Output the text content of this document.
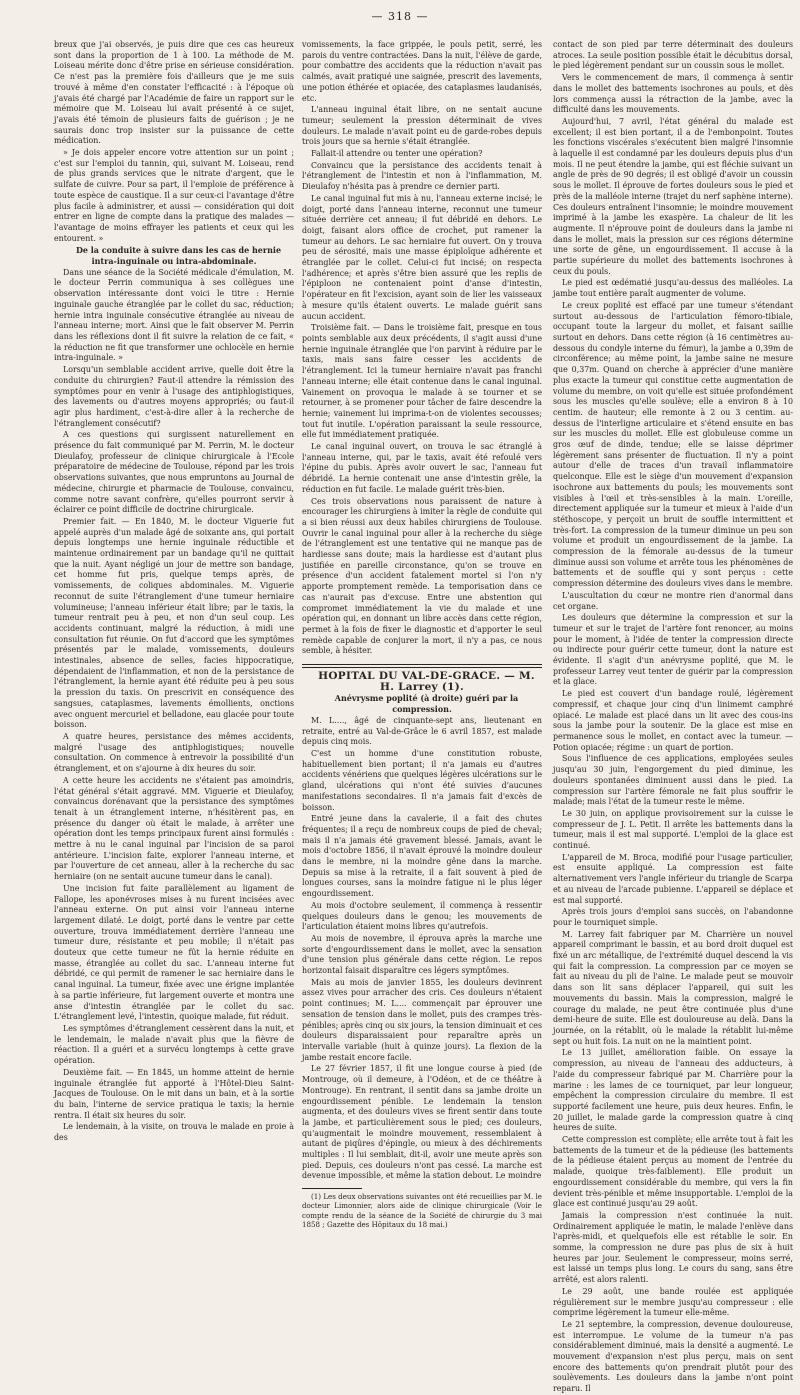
— 318 —

breux que j'ai observés, je puis dire que ces cas heureux sont dans la proportion de 1 à 100. La méthode de M. Loiseau mérite donc d'être prise en sérieuse considération. Ce n'est pas la première fois d'ailleurs que je me suis trouvé à même d'en constater l'efficacité : à l'époque où j'avais été chargé par l'Académie de faire un rapport sur le mémoire que M. Loiseau lui avait présenté à ce sujet, j'avais été témoin de plusieurs faits de guérison ; je ne saurais donc trop insister sur la puissance de cette médication.

» Je dois appeler encore votre attention sur un point ; c'est sur l'emploi du tannin, qui, suivant M. Loiseau, rend de plus grands services que le nitrate d'argent, que le sulfate de cuivre. Pour sa part, il l'emploie de préférence à toute espèce de caustique. Il a sur ceux-ci l'avantage d'être plus facile à administrer, et aussi — considération qui doit entrer en ligne de compte dans la pratique des malades — l'avantage de moins effrayer les patients et ceux qui les entourent. »

De la conduite à suivre dans les cas de hernie intra-inguinale ou intra-abdominale.

Dans une séance de la Société médicale d'émulation, M. le docteur Perrin communiqua à ses collègues une observation intéressante dont voici le titre : Hernie inguinale gauche étranglée par le collet du sac, réduction; hernie intra inguinale consécutive étranglée au niveau de l'anneau interne; mort. Ainsi que le fait observer M. Perrin dans les réflexions dont il fit suivre la relation de ce fait, « la réduction ne fit que transformer une ochlocèle en hernie intra-inguinale. »

Lorsqu'un semblable accident arrive, quelle doit être la conduite du chirurgien? Faut-il attendre la rémission des symptômes pour en venir à l'usage des antiphlogistiques, des lavements ou d'autres moyens appropriés; ou faut-il agir plus hardiment, c'est-à-dire aller à la recherche de l'étranglement consécutif?

A ces questions qui surgissent naturellement en présence du fait communiqué par M. Perrin, M. le docteur Dieulafoy, professeur de clinique chirurgicale à l'Ecole préparatoire de médecine de Toulouse, répond par les trois observations suivantes, que nous empruntons au Journal de médecine, chirurgie et pharmacie de Toulouse, convaincu, comme notre savant confrère, qu'elles pourront servir à éclairer ce point difficile de doctrine chirurgicale.

Premier fait. — En 1840, M. le docteur Viguerie fut appelé auprès d'un malade âgé de soixante ans, qui portait depuis longtemps une hernie inguinale réductible et maintenue ordinairement par un bandage qu'il ne quittait que la nuit. Ayant négligé un jour de mettre son bandage, cet homme fut pris, quelque temps après, de vomissements, de coliques abdominales. M. Viguerie reconnut de suite l'étranglement d'une tumeur herniaire volumineuse; l'anneau inférieur était libre; par le taxis, la tumeur rentrait peu à peu, et non d'un seul coup. Les accidents continuant, malgré la réduction, à midi une consultation fut réunie. On fut d'accord que les symptômes présentés par le malade, vomissements, douleurs intestinales, absence de selles, facies hippocratique, dépendaient de l'inflammation, et non de la persistance de l'étranglement, la hernie ayant été réduite peu à peu sous la pression du taxis. On prescrivit en conséquence des sangsues, cataplasmes, lavements émollients, onctions avec onguent mercuriel et belladone, eau glacée pour toute boisson.

A quatre heures, persistance des mêmes accidents, malgré l'usage des antiphlogistiques; nouvelle consultation. On commence à entrevoir la possibilité d'un étranglement, et on s'ajourne à dix heures du soir.

A cette heure les accidents ne s'étaient pas amoindris, l'état général s'était aggravé. MM. Viguerie et Dieulafoy, convaincus dorénavant que la persistance des symptômes tenait à un étranglement interne, n'hésitèrent pas, en présence du danger où était le malade, à arrêter une opération dont les temps principaux furent ainsi formulés : mettre à nu le canal inguinal par l'incision de sa paroi antérieure. L'incision faite, explorer l'anneau interne, et par l'ouverture de cet anneau, aller à la recherche du sac herniaire (on ne sentait aucune tumeur dans le canal).

Une incision fut faite parallèlement au ligament de Fallope, les aponévroses mises à nu furent incisées avec l'anneau externe. On put ainsi voir l'anneau interne largement dilaté. Le doigt, porté dans le ventre par cette ouverture, trouva immédiatement derrière l'anneau une tumeur dure, résistante et peu mobile; il n'était pas douteux que cette tumeur ne fût la hernie réduite en masse, étranglée au collet du sac. L'anneau interne fut débridé, ce qui permit de ramener le sac herniaire dans le canal inguinal. La tumeur, fixée avec une érigne implantée à sa partie inférieure, fut largement ouverte et montra une anse d'intestin étranglée par le collet du sac. L'étranglement levé, l'intestin, quoique malade, fut réduit.

Les symptômes d'étranglement cessèrent dans la nuit, et le lendemain, le malade n'avait plus que la fièvre de réaction. Il a guéri et a survécu longtemps à cette grave opération.

Deuxième fait. — En 1845, un homme atteint de hernie inguinale étranglée fut apporté à l'Hôtel-Dieu Saint-Jacques de Toulouse. On le mit dans un bain, et à la sortie du bain, l'interne de service pratiqua le taxis; la hernie rentra. Il était six heures du soir.

Le lendemain, à la visite, on trouva le malade en proie à des

vomissements, la face grippée, le pouls petit, serré, les parois du ventre contractées. Dans la nuit, l'élève de garde, pour combattre des accidents que la réduction n'avait pas calmés, avait pratiqué une saignée, prescrit des lavements, une potion éthérée et opiacée, des cataplasmes laudanisés, etc.

L'anneau inguinal était libre, on ne sentait aucune tumeur; seulement la pression déterminait de vives douleurs. Le malade n'avait point eu de garde-robes depuis trois jours que sa hernie s'était étranglée.

Fallait-il attendre ou tenter une opération?

Convaincu que la persistance des accidents tenait à l'étranglement de l'intestin et non à l'inflammation, M. Dieulafoy n'hésita pas à prendre ce dernier parti.

Le canal inguinal fut mis à nu, l'anneau externe incisé; le doigt, porté dans l'anneau interne, reconnut une tumeur située derrière cet anneau; il fut débridé en dehors. Le doigt, faisant alors office de crochet, put ramener la tumeur au dehors. Le sac herniaire fut ouvert. On y trouva peu de sérosité, mais une masse épiploïque adhérente et étranglée par le collet. Celui-ci fut incisé; on respecta l'adhérence; et après s'être bien assuré que les replis de l'épiploon ne contenaient point d'anse d'intestin, l'opérateur en fit l'excision, ayant soin de lier les vaisseaux à mesure qu'ils étaient ouverts. Le malade guérit sans aucun accident.

Troisième fait. — Dans le troisième fait, presque en tous points semblable aux deux précédents, il s'agit aussi d'une hernie inguinale étranglée que l'on parvint à réduire par le taxis, mais sans faire cesser les accidents de l'étranglement. Ici la tumeur herniaire n'avait pas franchi l'anneau interne; elle était contenue dans le canal inguinal. Vainement on provoqua le malade à se tourner et se retourner, à se promener pour tâcher de faire descendre la hernie; vainement lui imprima-t-on de violentes secousses; tout fut inutile. L'opération paraissant la seule ressource, elle fut immédiatement pratiquée.

Le canal inguinal ouvert, on trouva le sac étranglé à l'anneau interne, qui, par le taxis, avait été refoulé vers l'épine du pubis. Après avoir ouvert le sac, l'anneau fut débridé. La hernie contenait une anse d'intestin grêle, la réduction en fut facile. Le malade guérit très-bien.

Ces trois observations nous paraissent de nature à encourager les chirurgiens à imiter la règle de conduite qui a si bien réussi aux deux habiles chirurgiens de Toulouse. Ouvrir le canal inguinal pour aller à la recherche du siège de l'étranglement est une tentative qui ne manque pas de hardiesse sans doute; mais la hardiesse est d'autant plus justifiée en pareille circonstance, qu'on se trouve en présence d'un accident fatalement mortel si l'on n'y apporte promptement remède. La temporisation dans ce cas n'aurait pas d'excuse. Entre une abstention qui compromet immédiatement la vie du malade et une opération qui, en donnant un libre accès dans cette région, permet à la fois de fixer le diagnostic et d'apporter le seul remède capable de conjurer la mort, il n'y a pas, ce nous semble, à hésiter.

HOPITAL DU VAL-DE-GRACE. — M. H. Larrey (1).

Anévrysme poplité (à droite) guéri par la compression.

M. L...., âgé de cinquante-sept ans, lieutenant en retraite, entré au Val-de-Grâce le 6 avril 1857, est malade depuis cinq mois.

C'est un homme d'une constitution robuste, habituellement bien portant; il n'a jamais eu d'autres accidents vénériens que quelques légères ulcérations sur le gland, ulcérations qui n'ont été suivies d'aucunes manifestations secondaires. Il n'a jamais fait d'excès de boisson.

Entré jeune dans la cavalerie, il a fait des chutes fréquentes; il a reçu de nombreux coups de pied de cheval; mais il n'a jamais été gravement blessé. Jamais, avant le mois d'octobre 1856, il n'avait éprouvé la moindre douleur dans le membre, ni la moindre gêne dans la marche. Depuis sa mise à la retraite, il a fait souvent à pied de longues courses, sans la moindre fatigue ni le plus léger engourdissement.

Au mois d'octobre seulement, il commença à ressentir quelques douleurs dans le genou; les mouvements de l'articulation étaient moins libres qu'autrefois.

Au mois de novembre, il éprouva après la marche une sorte d'engourdissement dans le mollet, avec la sensation d'une tension plus générale dans cette région. Le repos horizontal faisait disparaître ces légers symptômes.

Mais au mois de janvier 1855, les douleurs devinrent assez vives pour arracher des cris. Ces douleurs n'étaient point continues; M. L.... commençait par éprouver une sensation de tension dans le mollet, puis des crampes très-pénibles; après cinq ou six jours, la tension diminuait et ces douleurs disparaissaient pour reparaître après un intervalle variable (huit à quinze jours). La flexion de la jambe restait encore facile.

Le 27 février 1857, il fit une longue course à pied (de Montrouge, où il demeure, à l'Odéon, et de ce théâtre à Montrouge). En rentrant, il sentit dans sa jambe droite un engourdissement pénible. Le lendemain la tension augmenta, et des douleurs vives se firent sentir dans toute la jambe, et particulièrement sous le pied; ces douleurs, qu'augmentait le moindre mouvement, ressemblaient à autant de piqûres d'épingle, ou mieux à des déchirements multiples : Il lui semblait, dit-il, avoir une meute après son pied. Depuis, ces douleurs n'ont pas cessé. La marche est devenue impossible, et même la station debout. Le moindre

(1) Les deux observations suivantes ont été recueillies par M. le docteur Limonnier, alors aide de clinique chirurgicale (Voir le compte rendu de la séance de la Société de chirurgie du 3 mai 1858 ; Gazette des Hôpitaux du 18 mai.)

contact de son pied par terre déterminait des douleurs atroces. La seule position possible était le décubitus dorsal, le pied légèrement pendant sur un coussin sous le mollet.

Vers le commencement de mars, il commença à sentir dans le mollet des battements isochrones au pouls, et dès lors commença aussi la rétraction de la jambe, avec la difficulté dans les mouvements.

Aujourd'hui, 7 avril, l'état général du malade est excellent; il est bien portant, il a de l'embonpoint. Toutes les fonctions viscérales s'exécutent bien malgré l'insomnie à laquelle il est condamné par les douleurs depuis plus d'un mois. Il ne peut étendre la jambe, qui est fléchie suivant un angle de près de 90 degrés; il est obligé d'avoir un coussin sous le mollet. Il éprouve de fortes douleurs sous le pied et près de la malléole interne (trajet du nerf saphène interne). Ces douleurs entraînent l'insomnie; le moindre mouvement imprimé à la jambe les exaspère. La chaleur de lit les augmente. Il n'éprouve point de douleurs dans la jambe ni dans le mollet, mais la pression sur ces régions détermine une sorte de gêne, un engourdissement. Il accuse à la partie supérieure du mollet des battements isochrones à ceux du pouls.

Le pied est œdématié jusqu'au-dessus des malléoles. La jambe tout entière paraît augmenter de volume.

Le creux poplité est effacé par une tumeur s'étendant surtout au-dessous de l'articulation fémoro-tibiale, occupant toute la largeur du mollet, et faisant saillie surtout en dehors. Dans cette région (à 16 centimètres au-dessous du condyle interne du fémur), la jambe a 0,39m de circonférence; au même point, la jambe saine ne mesure que 0,37m. Quand on cherche à apprécier d'une manière plus exacte la tumeur qui constitue cette augmentation de volume du membre, on voit qu'elle est située profondément sous les muscles qu'elle soulève; elle a environ 8 à 10 centim. de hauteur; elle remonte à 2 ou 3 centim. au-dessus de l'interligne articulaire et s'étend ensuite en bas sur les muscles du mollet. Elle est globuleuse comme un gros œuf de dinde, tendue; elle se laisse déprimer légèrement sans présenter de fluctuation. Il n'y a point autour d'elle de traces d'un travail inflammatoire quelconque. Elle est le siège d'un mouvement d'expansion isochrone aux battements du pouls; les mouvements sont visibles à l'œil et très-sensibles à la main. L'oreille, directement appliquée sur la tumeur et mieux à l'aide d'un stéthoscope, y perçoit un bruit de souffle intermittent et très-fort. La compression de la tumeur diminue un peu son volume et produit un engourdissement de la jambe. La compression de la fémorale au-dessus de la tumeur diminue aussi son volume et arrête tous les phénomènes de battements et de souffle qui y sont perçus : cette compression détermine des douleurs vives dans le membre.

L'auscultation du cœur ne montre rien d'anormal dans cet organe.

Les douleurs que détermine la compression et sur la tumeur et sur le trajet de l'artère font renoncer, au moins pour le moment, à l'idée de tenter la compression directe ou indirecte pour guérir cette tumeur, dont la nature est évidente. Il s'agit d'un anévrysme poplité, que M. le professeur Larrey veut tenter de guérir par la compression et la glace.

Le pied est couvert d'un bandage roulé, légèrement compressif, et chaque jour cinq d'un linimemt camphré opiacé. Le malade est placé dans un lit avec des cous-ins sous la jambe pour la soutenir. De la glace est mise en permanence sous le mollet, en contact avec la tumeur. — Potion opiacée; régime : un quart de portion.

Sous l'influence de ces applications, employées seules jusqu'au 30 juin, l'engorgement du pied diminue, les douleurs spontanées diminuent aussi dans le pied. La compression sur l'artère fémorale ne fait plus souffrir le malade; mais l'état de la tumeur reste le même.

Le 30 juin, on applique provisoirement sur la cuisse le compresseur de J. L. Petit. Il arrête les battements dans la tumeur, mais il est mal supporté. L'emploi de la glace est continué.

L'appareil de M. Broca, modifié pour l'usage particulier, est ensuite appliqué. La compression est faite alternativement vers l'angle inférieur du triangle de Scarpa et au niveau de l'arcade pubienne. L'appareil se déplace et est mal supporté.

Après trois jours d'emploi sans succès, on l'abandonne pour le tourniquet simple.

M. Larrey fait fabriquer par M. Charrière un nouvel appareil comprimant le bassin, et au bord droit duquel est fixé un arc métallique, de l'extrémité duquel descend la vis qui fait la compression. La compression par ce moyen se fait au niveau du pli de l'aine. Le malade peut se mouvoir dans son lit sans déplacer l'appareil, qui suit les mouvements du bassin. Mais la compression, malgré le courage du malade, ne peut être continuée plus d'une demi-heure de suite. Elle est douloureuse au delà. Dans la journée, on la rétablit, où le malade la rétablit lui-même sept ou huit fois. La nuit on ne la maintient point.

Le 13 juillet, amélioration faible. On essaye la compression, au niveau de l'anneau des adducteurs, à l'aide du compresseur fabriqué par M. Charrière pour la marine : les lames de ce tourniquet, par leur longueur, empêchent la compression circulaire du membre. Il est supporté facilement une heure, puis deux heures. Enfin, le 20 juillet, le malade garde la compression quatre à cinq heures de suite.

Cette compression est complète; elle arrête tout à fait les battements de la tumeur et de la pédieuse (les battements de la pédieuse étaient perçus au moment de l'entrée du malade, quoique très-faiblement). Elle produit un engourdissement considérable du membre, qui vers la fin devient très-pénible et même insupportable. L'emploi de la glace est continué jusqu'au 29 août.

Jamais la compression n'est continuée la nuit. Ordinairement appliquée le matin, le malade l'enlève dans l'après-midi, et quelquefois elle est rétablie le soir. En somme, la compression ne dure pas plus de six à huit heures par jour. Seulement le compresseur, moins serré, est laissé un temps plus long. Le cours du sang, sans être arrêté, est alors ralenti.

Le 29 août, une bande roulée est appliquée régulièrement sur le membre jusqu'au compresseur : elle comprime légèrement la tumeur elle-même.

Le 21 septembre, la compression, devenue douloureuse, est interrompue. Le volume de la tumeur n'a pas considérablement diminué, mais la densité a augmenté. Le mouvement d'expansion n'est plus perçu, mais on sent encore des battements qu'on prendrait plutôt pour des soulèvements. Les douleurs dans la jambe n'ont point reparu. Il
